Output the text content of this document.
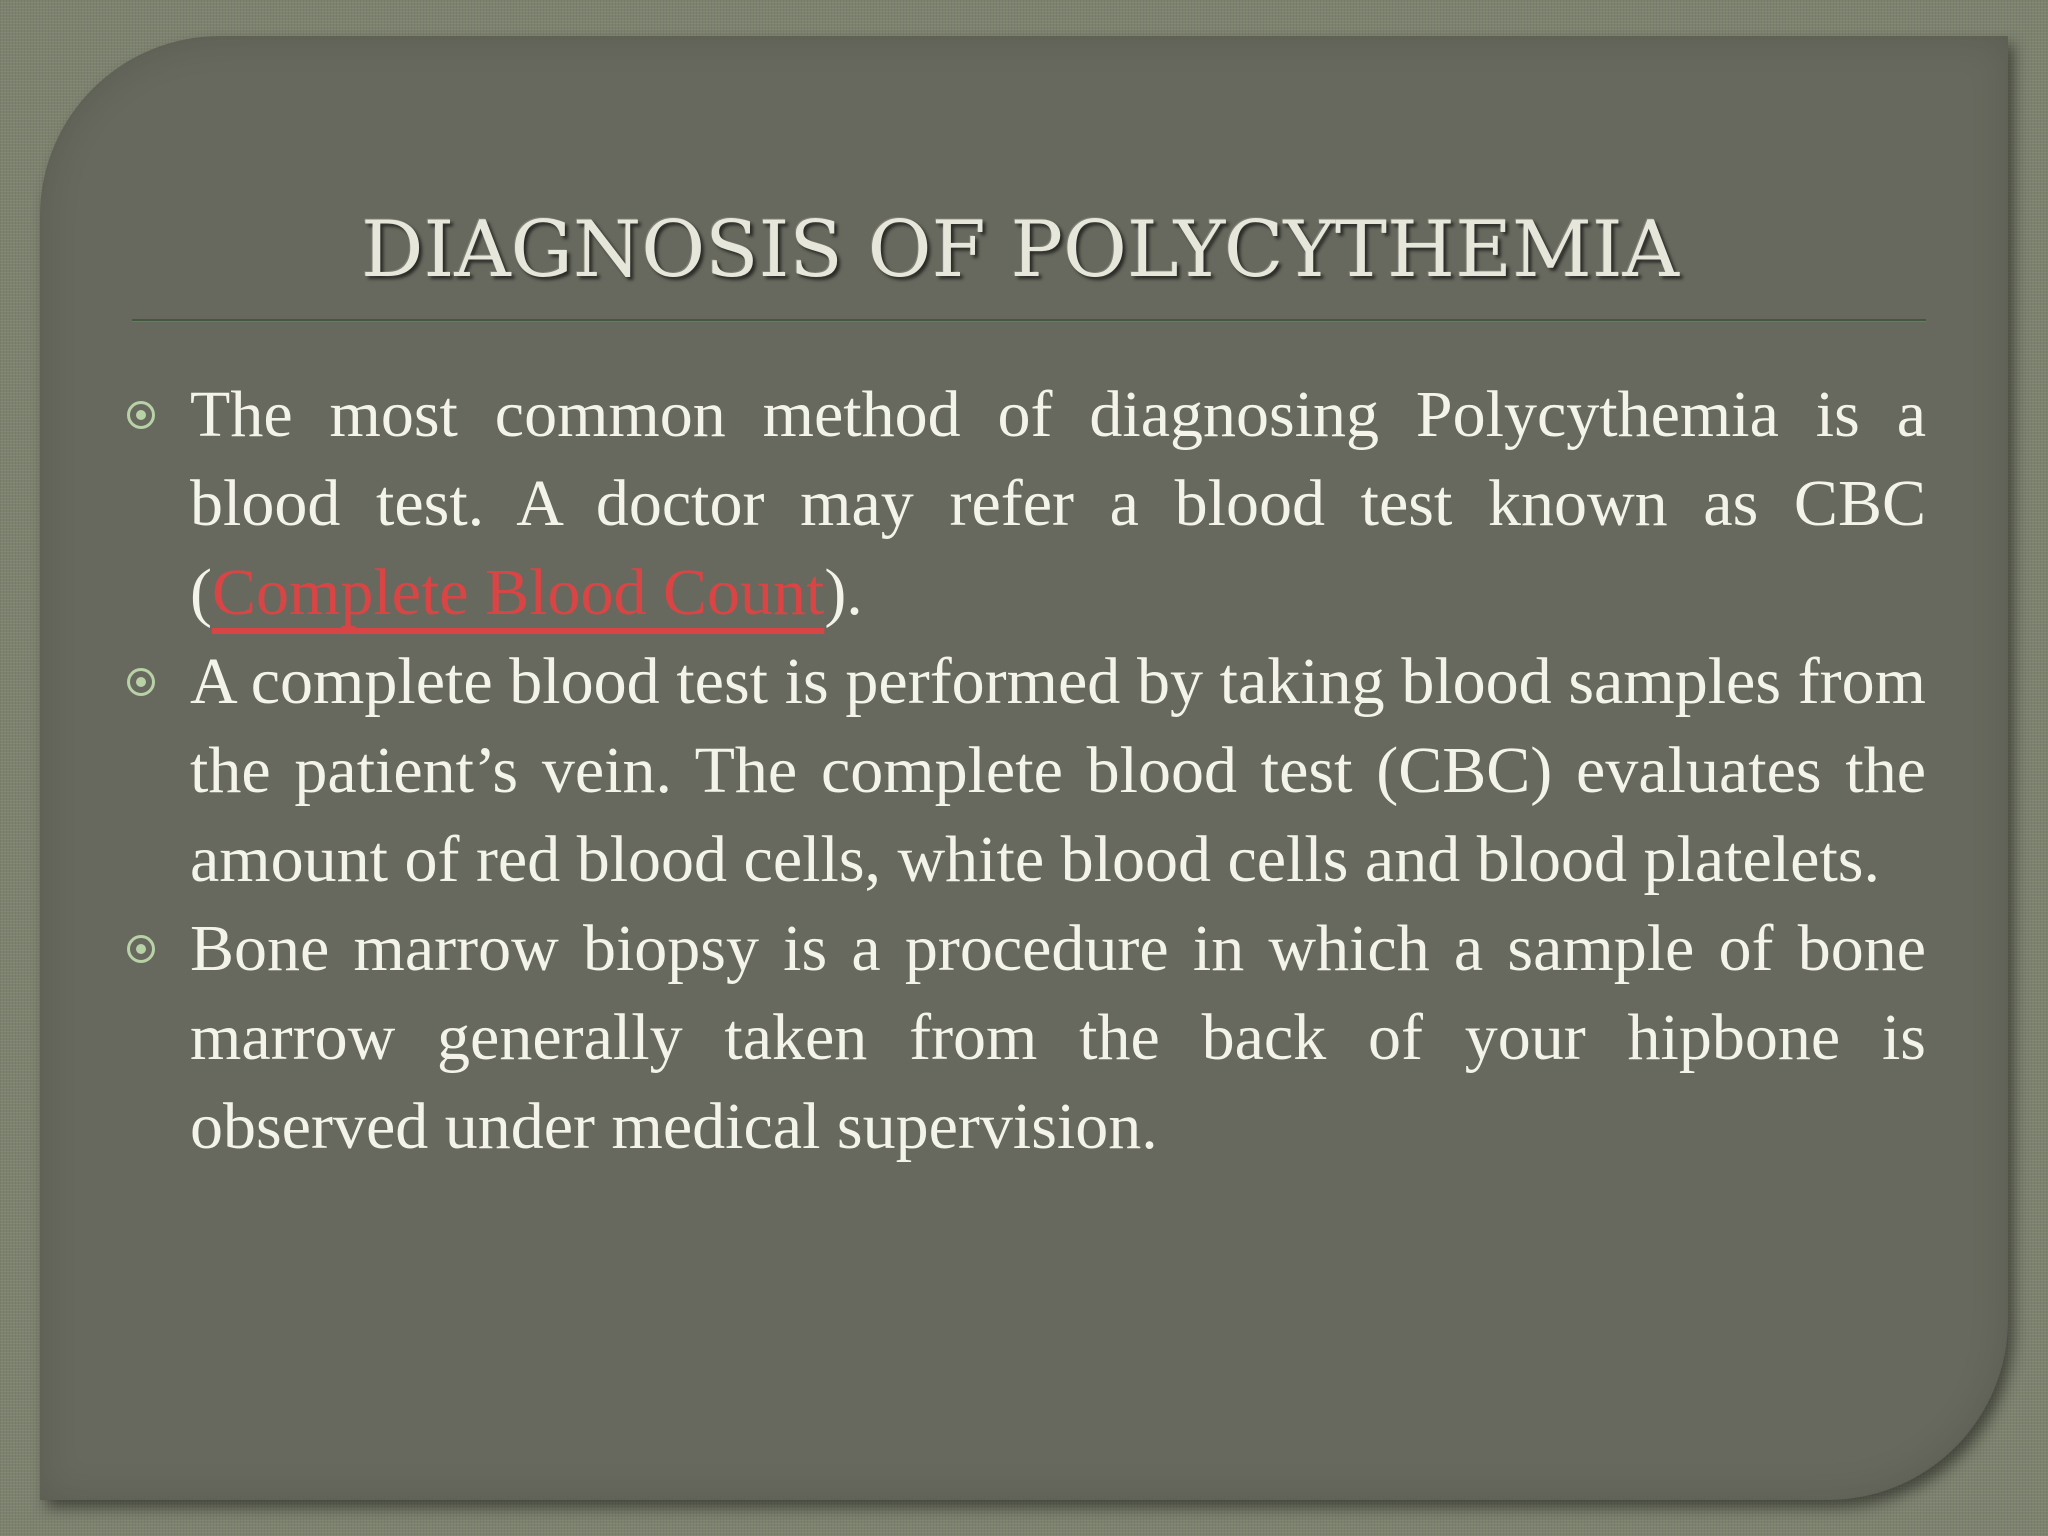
DIAGNOSIS OF POLYCYTHEMIA
The most common method of diagnosing Polycythemia is a blood test. A doctor may refer a blood test known as CBC (Complete Blood Count).
A complete blood test is performed by taking blood samples from the patient’s vein. The complete blood test (CBC) evaluates the amount of red blood cells, white blood cells and blood platelets.
Bone marrow biopsy is a procedure in which a sample of bone marrow generally taken from the back of your hipbone is observed under medical supervision.
